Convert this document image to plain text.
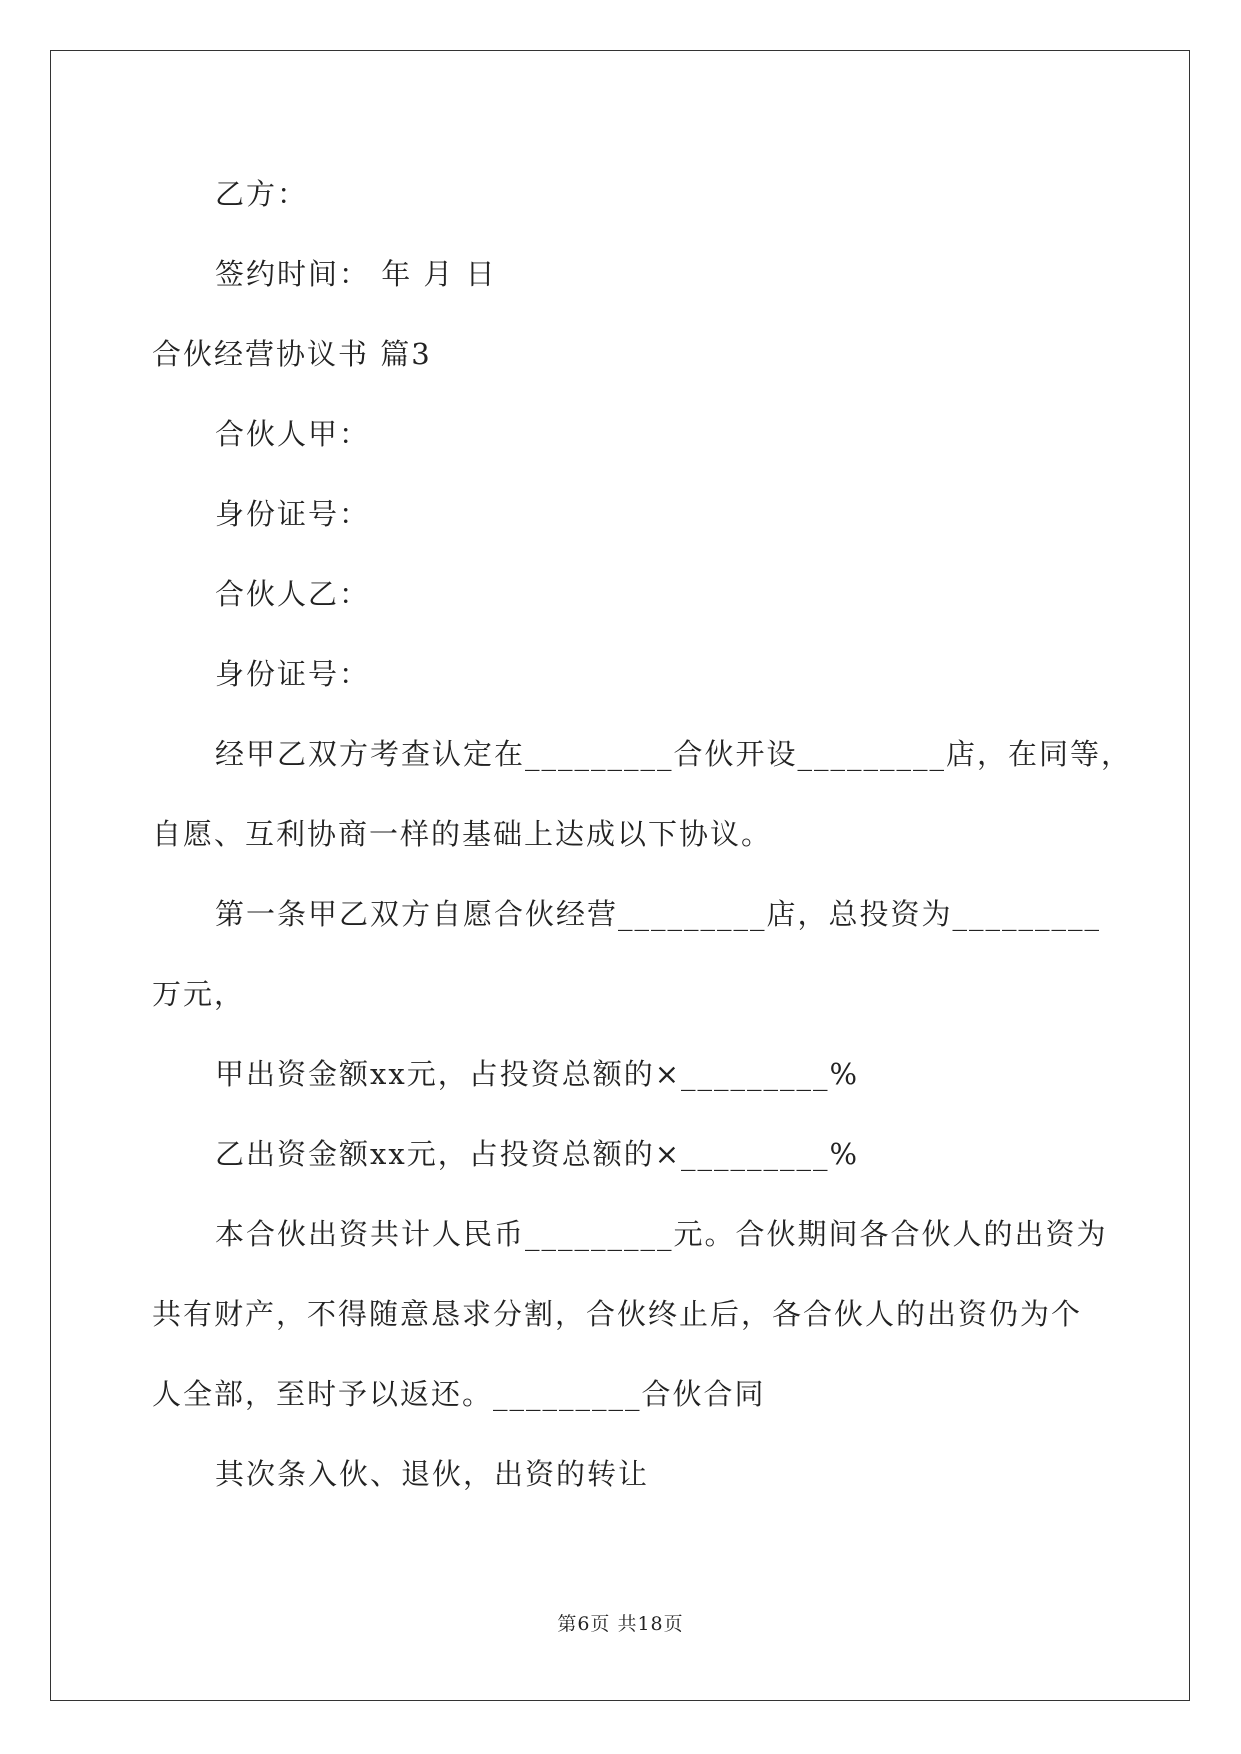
乙方：
签约时间： 年 月 日
合伙经营协议书 篇3
合伙人甲：
身份证号：
合伙人乙：
身份证号：
经甲乙双方考查认定在_________合伙开设_________店，在同等，
自愿、互利协商一样的基础上达成以下协议。
第一条甲乙双方自愿合伙经营_________店，总投资为_________
万元，
甲出资金额xx元，占投资总额的×_________%
乙出资金额xx元，占投资总额的×_________%
本合伙出资共计人民币_________元。合伙期间各合伙人的出资为
共有财产，不得随意恳求分割，合伙终止后，各合伙人的出资仍为个
人全部，至时予以返还。_________合伙合同
其次条入伙、退伙，出资的转让
第6页 共18页
